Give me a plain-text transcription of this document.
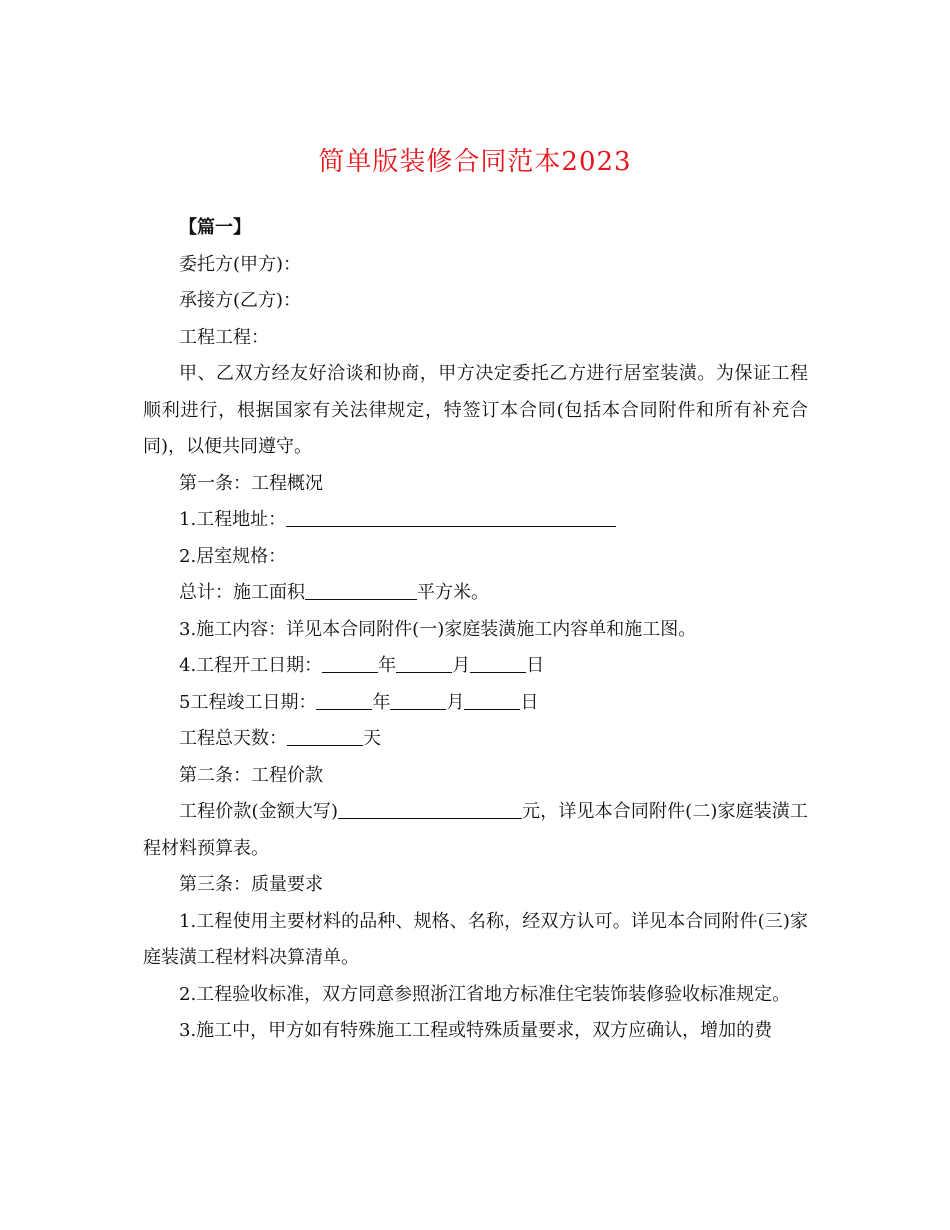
简单版装修合同范本2023

【篇一】

委托方(甲方)：

承接方(乙方)：

工程工程：

甲、乙双方经友好洽谈和协商，甲方决定委托乙方进行居室装潢。为保证工程顺利进行，根据国家有关法律规定，特签订本合同(包括本合同附件和所有补充合同)，以便共同遵守。

第一条：工程概况

1.工程地址：

2.居室规格：

总计：施工面积	平方米。

3.施工内容：详见本合同附件(一)家庭装潢施工内容单和施工图。

4.工程开工日期：	年	月	日

5工程竣工日期：	年	月	日

工程总天数：	天

第二条：工程价款

工程价款(金额大写)	元，详见本合同附件(二)家庭装潢工程材料预算表。

第三条：质量要求

1.工程使用主要材料的品种、规格、名称，经双方认可。详见本合同附件(三)家庭装潢工程材料决算清单。

2.工程验收标准，双方同意参照浙江省地方标准住宅装饰装修验收标准规定。

3.施工中，甲方如有特殊施工工程或特殊质量要求，双方应确认，增加的费
